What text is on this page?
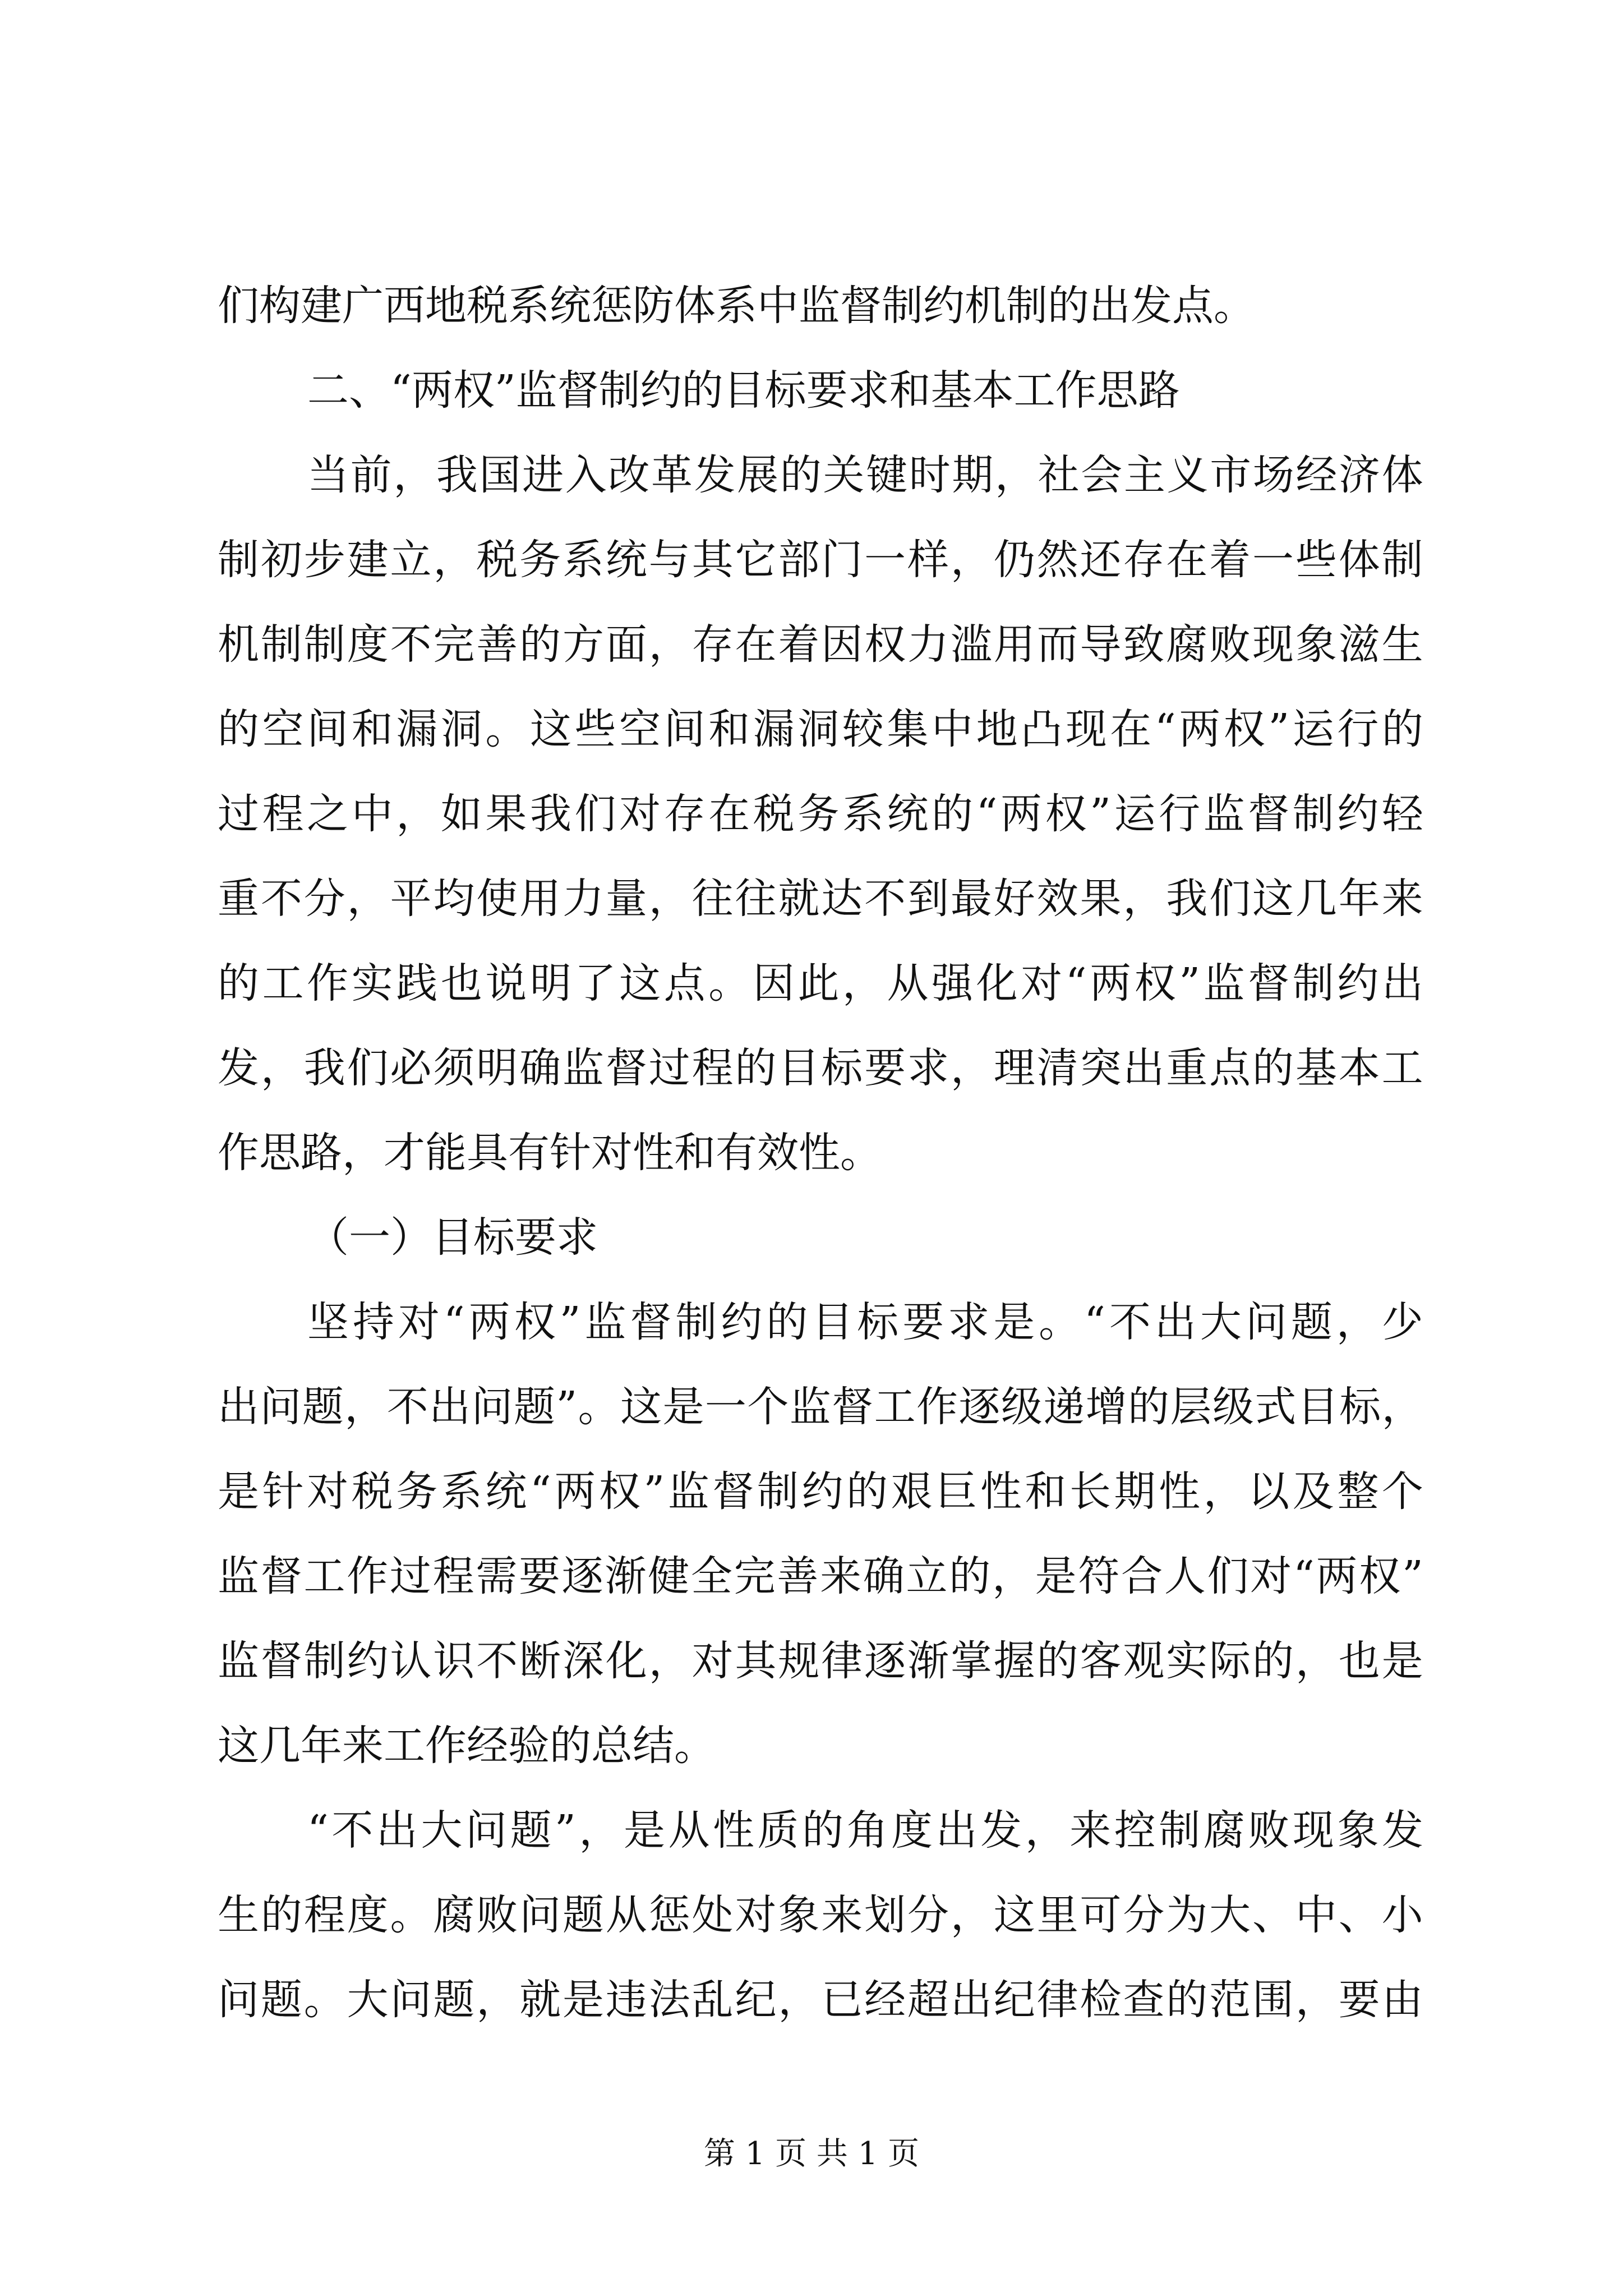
们构建广西地税系统惩防体系中监督制约机制的出发点。
二、“两权”监督制约的目标要求和基本工作思路
当 前 ， 我 国 进 入 改 革 发 展 的 关 键 时 期 ， 社 会 主 义 市 场 经 济 体
制 初 步 建 立 ， 税 务 系 统 与 其 它 部 门 一 样 ， 仍 然 还 存 在 着 一 些 体 制
机 制 制 度 不 完 善 的 方 面 ， 存 在 着 因 权 力 滥 用 而 导 致 腐 败 现 象 滋 生
的 空 间 和 漏 洞 。 这 些 空 间 和 漏 洞 较 集 中 地 凸 现 在 “ 两 权 ” 运 行 的
过 程 之 中 ， 如 果 我 们 对 存 在 税 务 系 统 的 “ 两 权 ” 运 行 监 督 制 约 轻
重 不 分 ， 平 均 使 用 力 量 ， 往 往 就 达 不 到 最 好 效 果 ， 我 们 这 几 年 来
的 工 作 实 践 也 说 明 了 这 点 。 因 此 ， 从 强 化 对 “ 两 权 ” 监 督 制 约 出
发 ， 我 们 必 须 明 确 监 督 过 程 的 目 标 要 求 ， 理 清 突 出 重 点 的 基 本 工
作思路，才能具有针对性和有效性。
（一）目标要求
坚 持 对 “ 两 权 ” 监 督 制 约 的 目 标 要 求 是 。 “ 不 出 大 问 题 ， 少
出 问 题 ， 不 出 问 题 ” 。 这 是 一 个 监 督 工 作 逐 级 递 增 的 层 级 式 目 标 ，
是 针 对 税 务 系 统 “ 两 权 ” 监 督 制 约 的 艰 巨 性 和 长 期 性 ， 以 及 整 个
监 督 工 作 过 程 需 要 逐 渐 健 全 完 善 来 确 立 的 ， 是 符 合 人 们 对 “ 两 权 ”
监 督 制 约 认 识 不 断 深 化 ， 对 其 规 律 逐 渐 掌 握 的 客 观 实 际 的 ， 也 是
这几年来工作经验的总结。
“ 不 出 大 问 题 ” ， 是 从 性 质 的 角 度 出 发 ， 来 控 制 腐 败 现 象 发
生 的 程 度 。 腐 败 问 题 从 惩 处 对 象 来 划 分 ， 这 里 可 分 为 大 、 中 、 小
问 题 。 大 问 题 ， 就 是 违 法 乱 纪 ， 已 经 超 出 纪 律 检 查 的 范 围 ， 要 由
第 1 页 共 1 页
